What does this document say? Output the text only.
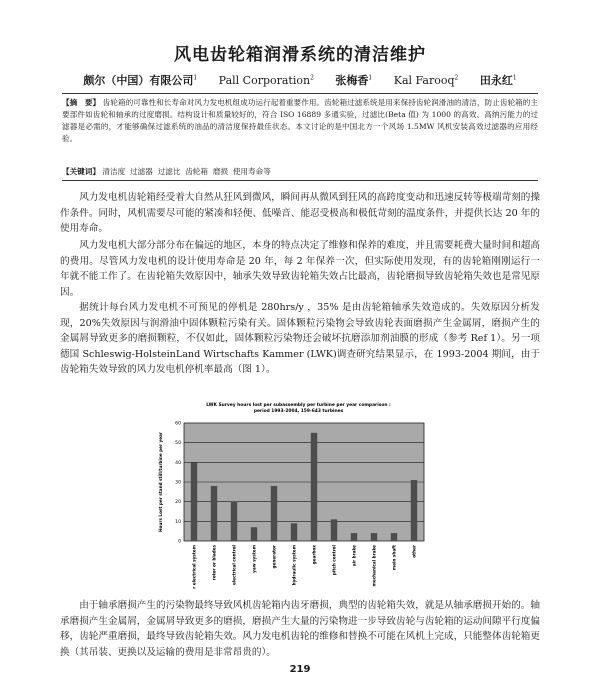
风电齿轮箱润滑系统的清洁维护
颇尔（中国）有限公司$^1$ Pall Corporation$^2$ 张梅香$^1$ Kal Farooq$^2$ 田永红$^1$
【摘　要】 齿轮箱的可靠性和长寿命对风力发电机组成功运行起着重要作用。齿轮箱过滤系统是用来保持齿轮润滑油的清洁，防止齿轮箱的主要部件如齿轮和轴承的过度磨损。结构设计和质量较好的，符合 ISO 16889 多通实验，过滤比(Beta 值) 为 1000 的高效、高纳污能力的过滤器是必需的，才能够确保过滤系统的油品的清洁度保持最佳状态。本文讨论的是中国北方一个风场 1.5MW 风机安装高效过滤器的应用经验。
【关键词】 清洁度 过滤器 过滤比 齿轮箱 磨损 使用寿命等

风力发电机齿轮箱经受着大自然从狂风到微风，瞬间再从微风到狂风的高跨度变动和迅速反转等极端苛刻的操作条件。同时，风机需要尽可能的紧凑和轻便、低噪音、能忍受极高和极低苛刻的温度条件，并提供长达 20 年的使用寿命。

风力发电机大部分部分布在偏远的地区，本身的特点决定了维修和保养的难度，并且需要耗费大量时间和超高的费用。尽管风力发电机的设计使用寿命是 20 年，每 2 年保养一次，但实际使用发现，有的齿轮箱刚刚运行一年就不能工作了。在齿轮箱失效原因中，轴承失效导致齿轮箱失效占比最高，齿轮磨损导致齿轮箱失效也是常见原因。

据统计每台风力发电机不可预见的停机是 280hrs/y ，35% 是由齿轮箱轴承失效造成的。失效原因分析发现，20%失效原因与润滑油中固体颗粒污染有关。固体颗粒污染物会导致齿轮表面磨损产生金属屑，磨损产生的金属屑导致更多的磨损颗粒，不仅如此，固体颗粒污染物还会破坏抗磨添加剂油膜的形成（参考 Ref 1）。另一项德国 Schleswig-HolsteinLand Wirtschafts Kammer (LWK)调查研究结果显示，在 1993-2004 期间，由于齿轮箱失效导致的风力发电机停机率最高（图 1）。

LWK Survey hours lost per subassembly per turbine per year comparison :
period 1993-2004, 159-643 turbines
0
10
20
30
40
50
60
Hours Lost per stand still/turbine per year
grid or electrical system	rotor or blades	electrical control	yaw system	generator	hydraulic system	gearbox	pitch control	air brake	mechanical brake	main shaft	other

由于轴承磨损产生的污染物最终导致风机齿轮箱内齿牙磨损，典型的齿轮箱失效，就是从轴承磨损开始的。轴承磨损产生金属屑，金属屑导致更多的磨损，磨损产生大量的污染物进一步导致齿轮与齿轮箱的运动间隙平行度偏移，齿轮严重磨损，最终导致齿轮箱失效。风力发电机齿轮的维修和替换不可能在风机上完成，只能整体齿轮箱更换（其吊装、更换以及运输的费用是非常昂贵的）。

219
